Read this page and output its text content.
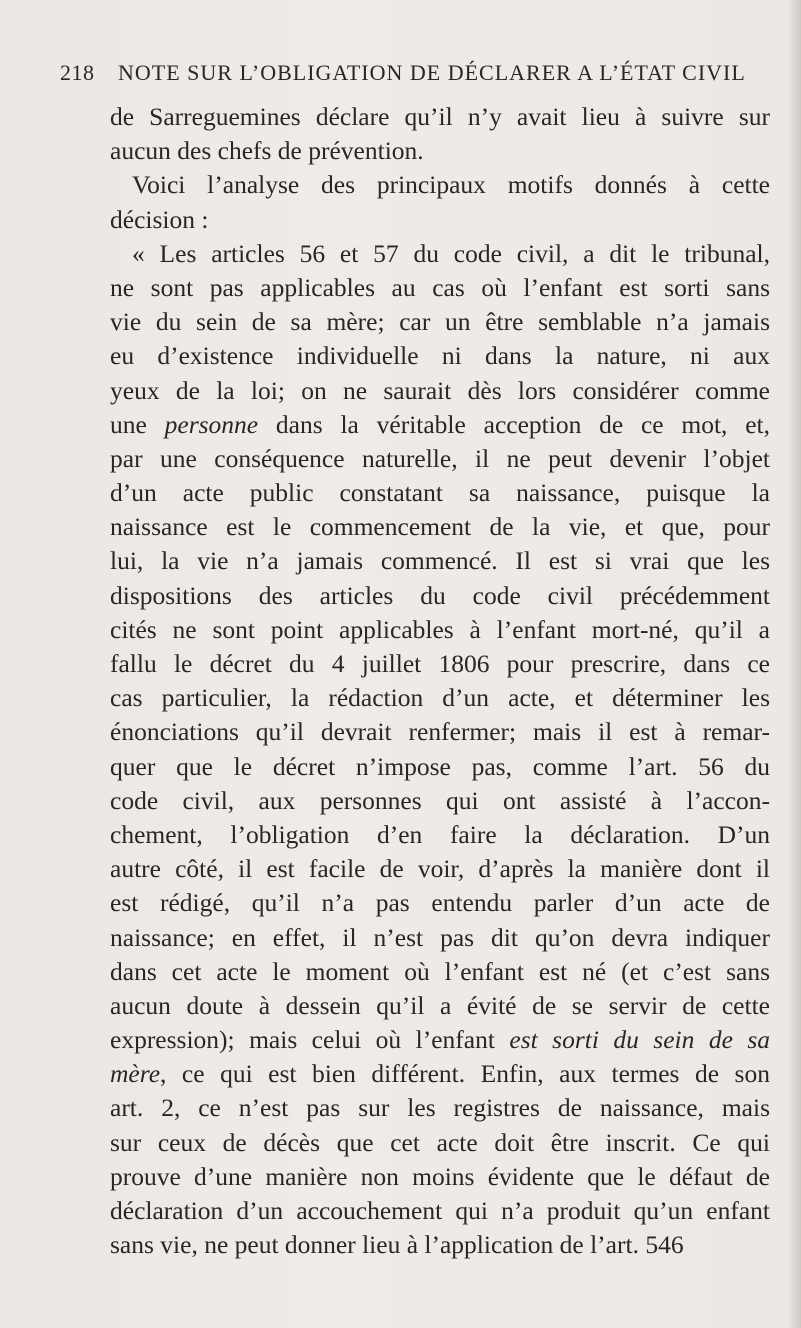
218 NOTE SUR L’OBLIGATION DE DÉCLARER A L’ÉTAT CIVIL
de Sarreguemines déclare qu’il n’y avait lieu à suivre sur
aucun des chefs de prévention.
Voici l’analyse des principaux motifs donnés à cette
décision :
« Les articles 56 et 57 du code civil, a dit le tribunal,
ne sont pas applicables au cas où l’enfant est sorti sans
vie du sein de sa mère; car un être semblable n’a jamais
eu d’existence individuelle ni dans la nature, ni aux
yeux de la loi; on ne saurait dès lors considérer comme
une personne dans la véritable acception de ce mot, et,
par une conséquence naturelle, il ne peut devenir l’objet
d’un acte public constatant sa naissance, puisque la
naissance est le commencement de la vie, et que, pour
lui, la vie n’a jamais commencé. Il est si vrai que les
dispositions des articles du code civil précédemment
cités ne sont point applicables à l’enfant mort-né, qu’il a
fallu le décret du 4 juillet 1806 pour prescrire, dans ce
cas particulier, la rédaction d’un acte, et déterminer les
énonciations qu’il devrait renfermer; mais il est à remar-
quer que le décret n’impose pas, comme l’art. 56 du
code civil, aux personnes qui ont assisté à l’accon-
chement, l’obligation d’en faire la déclaration. D’un
autre côté, il est facile de voir, d’après la manière dont il
est rédigé, qu’il n’a pas entendu parler d’un acte de
naissance; en effet, il n’est pas dit qu’on devra indiquer
dans cet acte le moment où l’enfant est né (et c’est sans
aucun doute à dessein qu’il a évité de se servir de cette
expression); mais celui où l’enfant est sorti du sein de sa
mère, ce qui est bien différent. Enfin, aux termes de son
art. 2, ce n’est pas sur les registres de naissance, mais
sur ceux de décès que cet acte doit être inscrit. Ce qui
prouve d’une manière non moins évidente que le défaut de
déclaration d’un accouchement qui n’a produit qu’un enfant
sans vie, ne peut donner lieu à l’application de l’art. 546
